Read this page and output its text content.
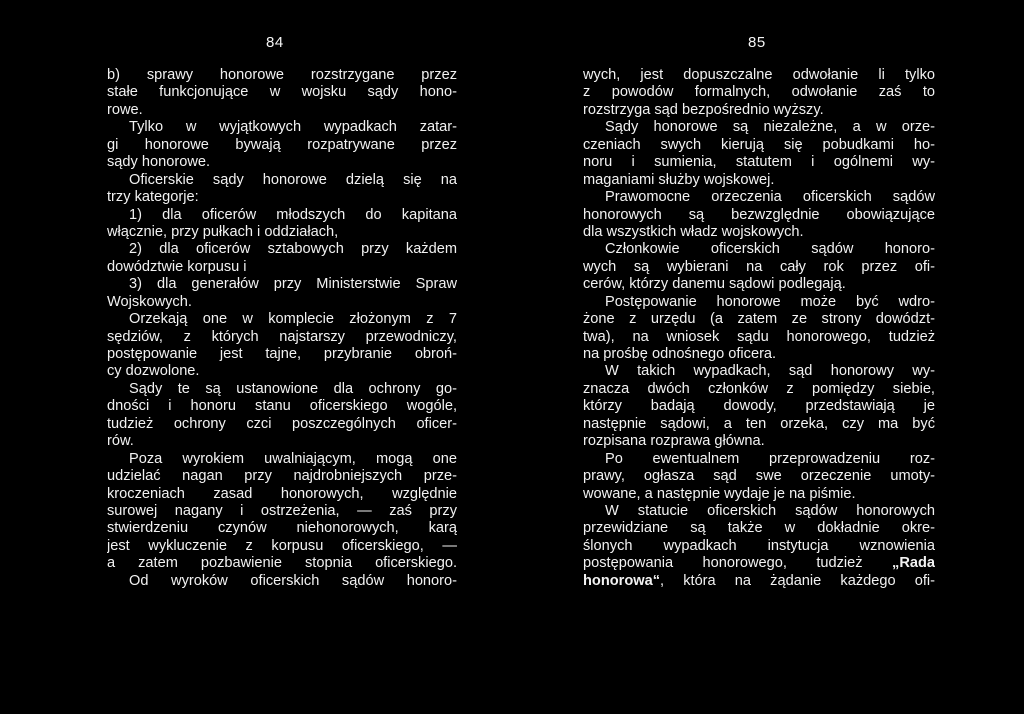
84
b) sprawy honorowe rozstrzygane przez
stałe funkcjonujące w wojsku sądy hono-
rowe.
Tylko w wyjątkowych wypadkach zatar-
gi honorowe bywają rozpatrywane przez
sądy honorowe.
Oficerskie sądy honorowe dzielą się na
trzy kategorje:
1) dla oficerów młodszych do kapitana
włącznie, przy pułkach i oddziałach,
2) dla oficerów sztabowych przy każdem
dowództwie korpusu i
3) dla generałów przy Ministerstwie Spraw
Wojskowych.
Orzekają one w komplecie złożonym z 7
sędziów, z których najstarszy przewodniczy,
postępowanie jest tajne, przybranie obroń-
cy dozwolone.
Sądy te są ustanowione dla ochrony go-
dności i honoru stanu oficerskiego wogóle,
tudzież ochrony czci poszczególnych oficer-
rów.
Poza wyrokiem uwalniającym, mogą one
udzielać nagan przy najdrobniejszych prze-
kroczeniach zasad honorowych, względnie
surowej nagany i ostrzeżenia, — zaś przy
stwierdzeniu czynów niehonorowych, karą
jest wykluczenie z korpusu oficerskiego, —
a zatem pozbawienie stopnia oficerskiego.
Od wyroków oficerskich sądów honoro-
85
wych, jest dopuszczalne odwołanie li tylko
z powodów formalnych, odwołanie zaś to
rozstrzyga sąd bezpośrednio wyższy.
Sądy honorowe są niezależne, a w orze-
czeniach swych kierują się pobudkami ho-
noru i sumienia, statutem i ogólnemi wy-
maganiami służby wojskowej.
Prawomocne orzeczenia oficerskich sądów
honorowych są bezwzględnie obowiązujące
dla wszystkich władz wojskowych.
Członkowie oficerskich sądów honoro-
wych są wybierani na cały rok przez ofi-
cerów, którzy danemu sądowi podlegają.
Postępowanie honorowe może być wdro-
żone z urzędu (a zatem ze strony dowództ-
twa), na wniosek sądu honorowego, tudzież
na prośbę odnośnego oficera.
W takich wypadkach, sąd honorowy wy-
znacza dwóch członków z pomiędzy siebie,
którzy badają dowody, przedstawiają je
następnie sądowi, a ten orzeka, czy ma być
rozpisana rozprawa główna.
Po ewentualnem przeprowadzeniu roz-
prawy, ogłasza sąd swe orzeczenie umoty-
wowane, a następnie wydaje je na piśmie.
W statucie oficerskich sądów honorowych
przewidziane są także w dokładnie okre-
ślonych wypadkach instytucja wznowienia
postępowania honorowego, tudzież „Rada
honorowa“, która na żądanie każdego ofi-
